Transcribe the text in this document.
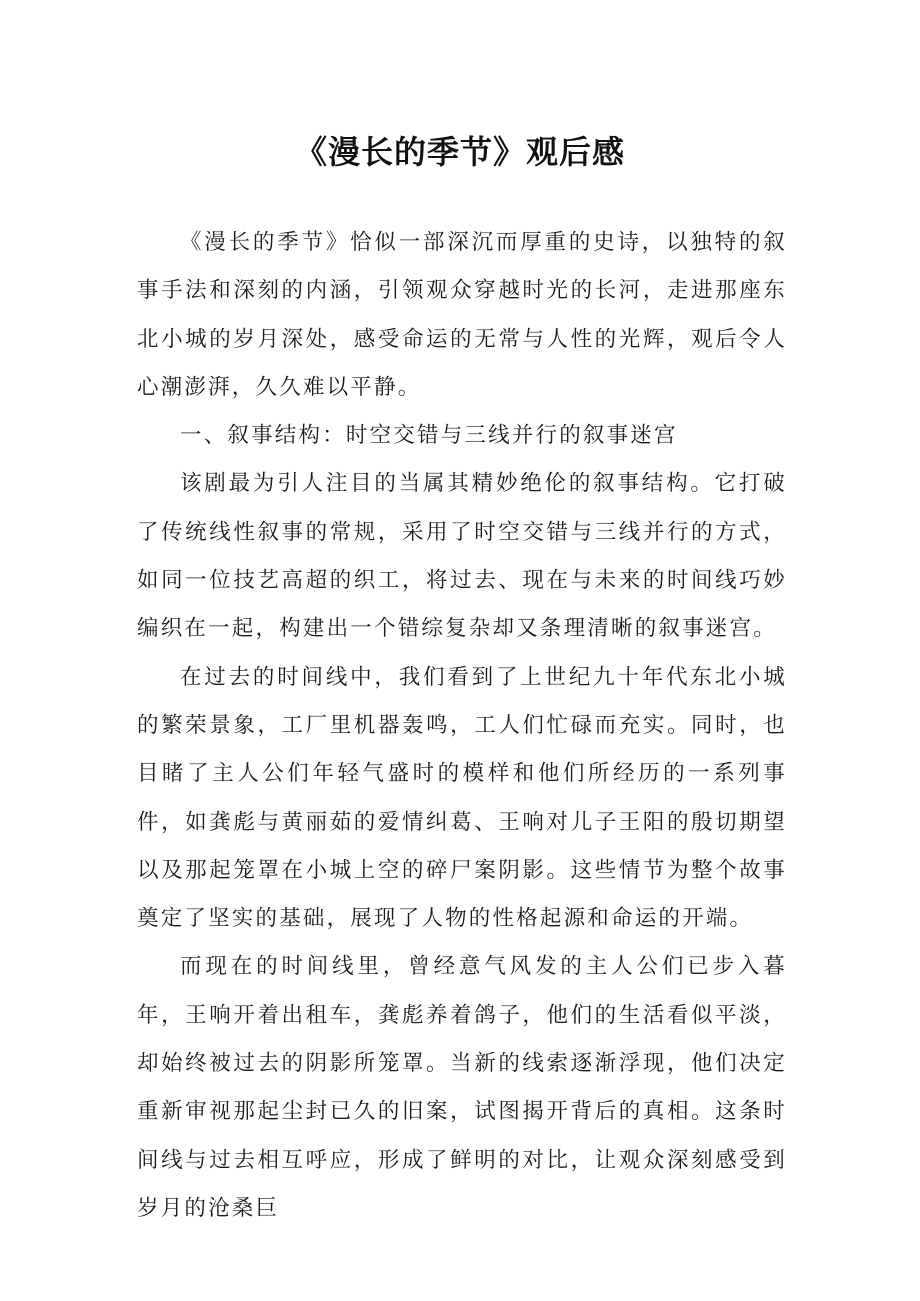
《漫长的季节》观后感

《漫长的季节》恰似一部深沉而厚重的史诗，以独特的叙事手法和深刻的内涵，引领观众穿越时光的长河，走进那座东北小城的岁月深处，感受命运的无常与人性的光辉，观后令人心潮澎湃，久久难以平静。

一、叙事结构：时空交错与三线并行的叙事迷宫

该剧最为引人注目的当属其精妙绝伦的叙事结构。它打破了传统线性叙事的常规，采用了时空交错与三线并行的方式，如同一位技艺高超的织工，将过去、现在与未来的时间线巧妙编织在一起，构建出一个错综复杂却又条理清晰的叙事迷宫。

在过去的时间线中，我们看到了上世纪九十年代东北小城的繁荣景象，工厂里机器轰鸣，工人们忙碌而充实。同时，也目睹了主人公们年轻气盛时的模样和他们所经历的一系列事件，如龚彪与黄丽茹的爱情纠葛、王响对儿子王阳的殷切期望以及那起笼罩在小城上空的碎尸案阴影。这些情节为整个故事奠定了坚实的基础，展现了人物的性格起源和命运的开端。

而现在的时间线里，曾经意气风发的主人公们已步入暮年，王响开着出租车，龚彪养着鸽子，他们的生活看似平淡，却始终被过去的阴影所笼罩。当新的线索逐渐浮现，他们决定重新审视那起尘封已久的旧案，试图揭开背后的真相。这条时间线与过去相互呼应，形成了鲜明的对比，让观众深刻感受到岁月的沧桑巨
